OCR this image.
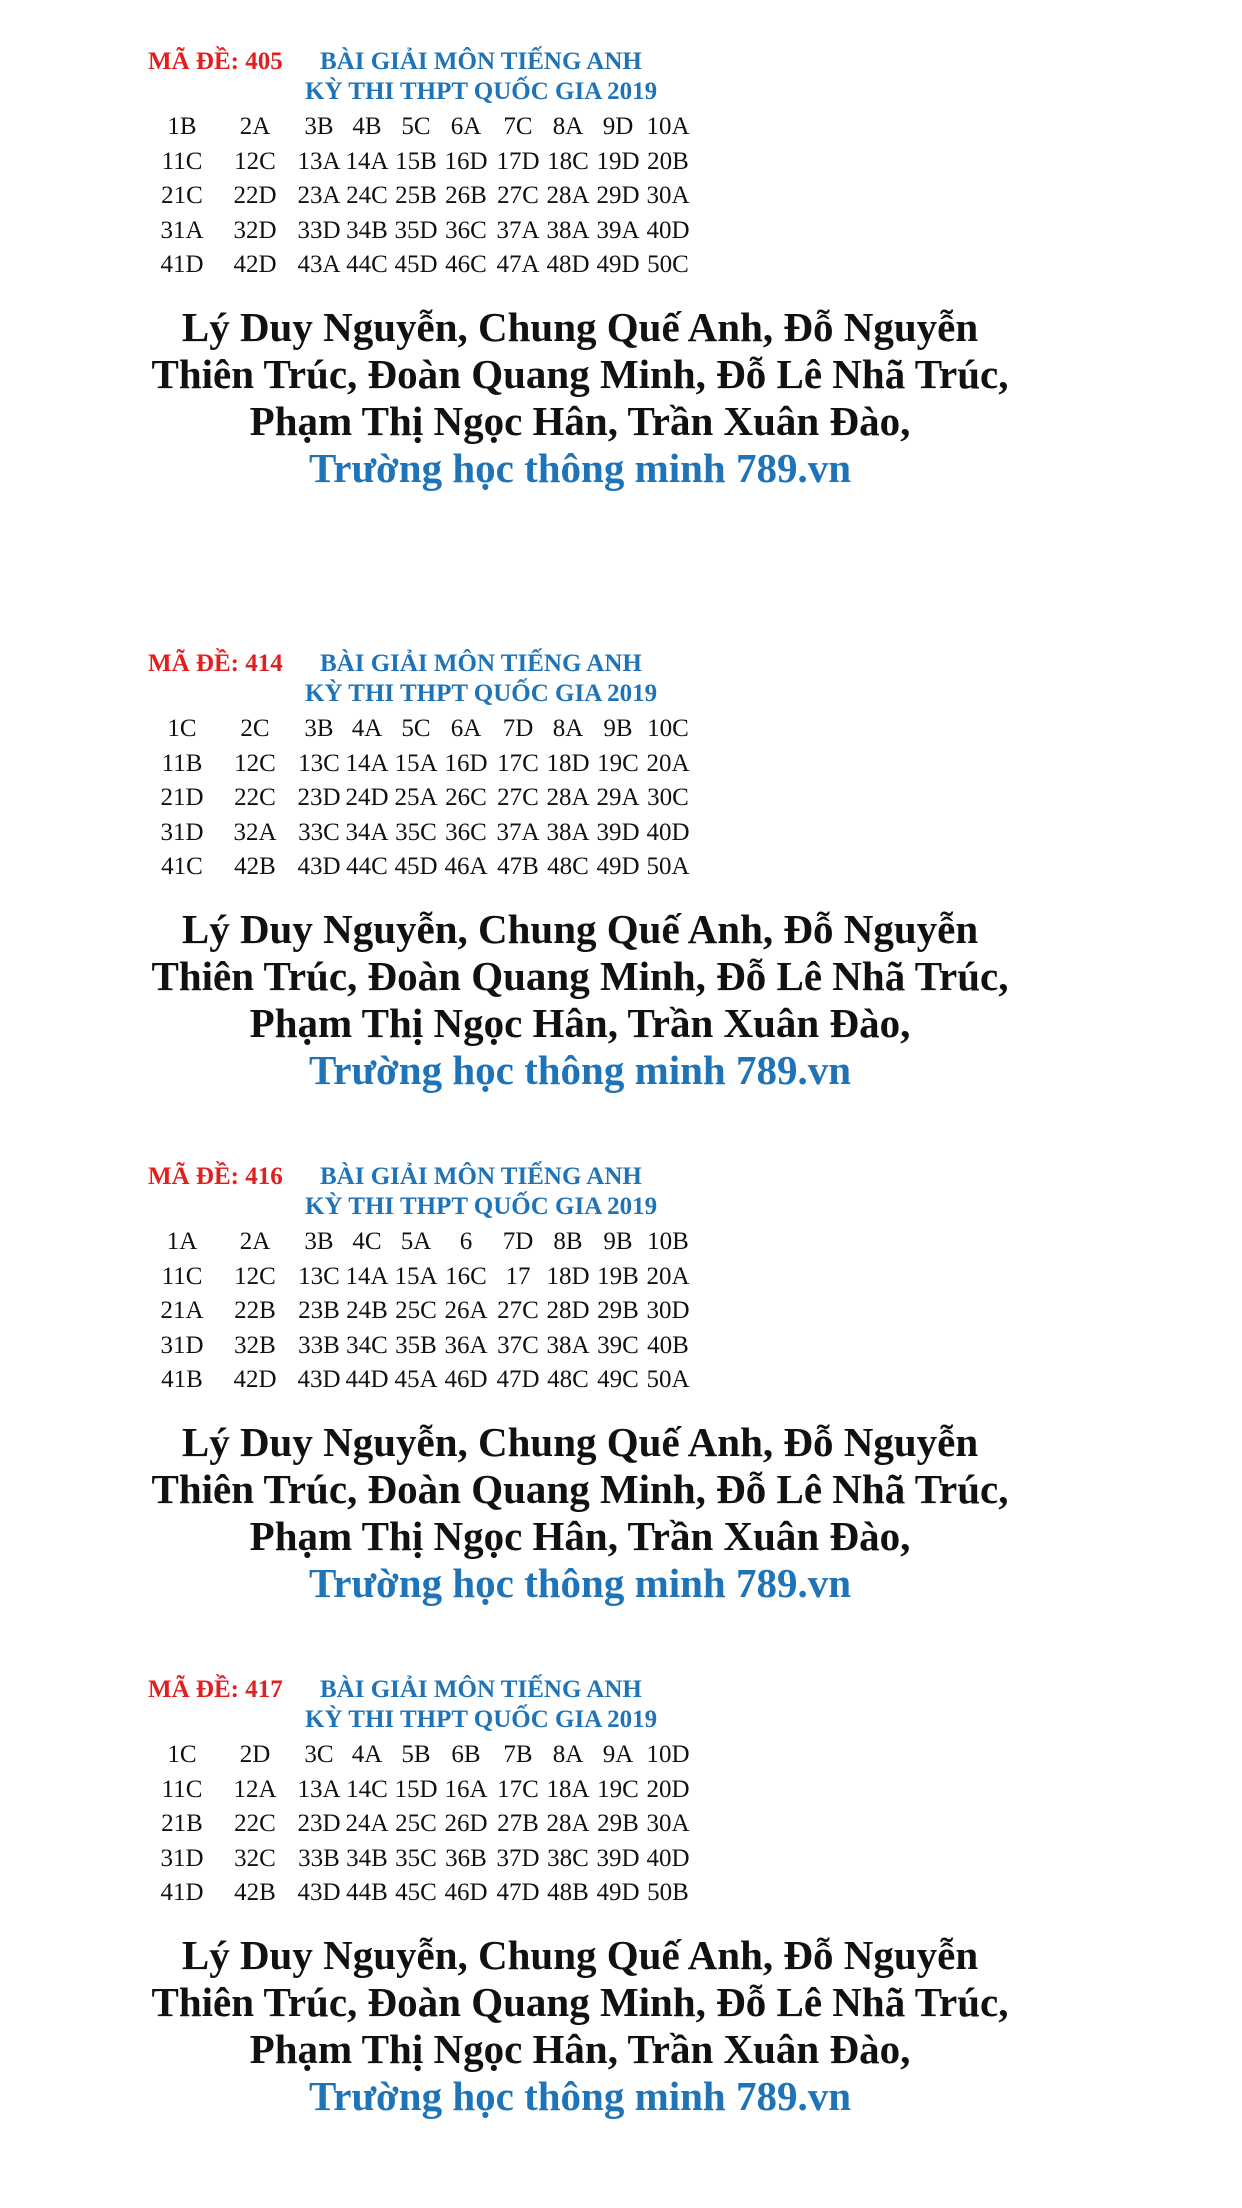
MÃ ĐỀ: 405 BÀI GIẢI MÔN TIẾNG ANH
KỲ THI THPT QUỐC GIA 2019
1B	2A	3B 4B 5C 6A 7C 8A 9D 10A
11C 12C 13A 14A 15B 16D 17D 18C 19D 20B
21C 22D 23A 24C 25B 26B 27C 28A 29D 30A
31A 32D 33D 34B 35D 36C 37A 38A 39A 40D
41D 42D 43A 44C 45D 46C 47A 48D 49D 50C
Lý Duy Nguyễn, Chung Quế Anh, Đỗ Nguyễn
Thiên Trúc, Đoàn Quang Minh, Đỗ Lê Nhã Trúc,
Phạm Thị Ngọc Hân, Trần Xuân Đào,
Trường học thông minh 789.vn
MÃ ĐỀ: 414 BÀI GIẢI MÔN TIẾNG ANH
KỲ THI THPT QUỐC GIA 2019
1C	2C	3B 4A 5C 6A 7D 8A 9B 10C
11B 12C 13C 14A 15A 16D 17C 18D 19C 20A
21D 22C 23D 24D 25A 26C 27C 28A 29A 30C
31D 32A 33C 34A 35C 36C 37A 38A 39D 40D
41C 42B 43D 44C 45D 46A 47B 48C 49D 50A
Lý Duy Nguyễn, Chung Quế Anh, Đỗ Nguyễn
Thiên Trúc, Đoàn Quang Minh, Đỗ Lê Nhã Trúc,
Phạm Thị Ngọc Hân, Trần Xuân Đào,
Trường học thông minh 789.vn
MÃ ĐỀ: 416 BÀI GIẢI MÔN TIẾNG ANH
KỲ THI THPT QUỐC GIA 2019
1A	2A	3B 4C 5A	6	7D 8B 9B 10B
11C 12C 13C 14A 15A 16C 17 18D 19B 20A
21A 22B 23B 24B 25C 26A 27C 28D 29B 30D
31D 32B 33B 34C 35B 36A 37C 38A 39C 40B
41B 42D 43D 44D 45A 46D 47D 48C 49C 50A
Lý Duy Nguyễn, Chung Quế Anh, Đỗ Nguyễn
Thiên Trúc, Đoàn Quang Minh, Đỗ Lê Nhã Trúc,
Phạm Thị Ngọc Hân, Trần Xuân Đào,
Trường học thông minh 789.vn
MÃ ĐỀ: 417 BÀI GIẢI MÔN TIẾNG ANH
KỲ THI THPT QUỐC GIA 2019
1C	2D	3C 4A 5B 6B 7B 8A 9A 10D
11C 12A 13A 14C 15D 16A 17C 18A 19C 20D
21B 22C 23D 24A 25C 26D 27B 28A 29B 30A
31D 32C 33B 34B 35C 36B 37D 38C 39D 40D
41D 42B 43D 44B 45C 46D 47D 48B 49D 50B
Lý Duy Nguyễn, Chung Quế Anh, Đỗ Nguyễn
Thiên Trúc, Đoàn Quang Minh, Đỗ Lê Nhã Trúc,
Phạm Thị Ngọc Hân, Trần Xuân Đào,
Trường học thông minh 789.vn
